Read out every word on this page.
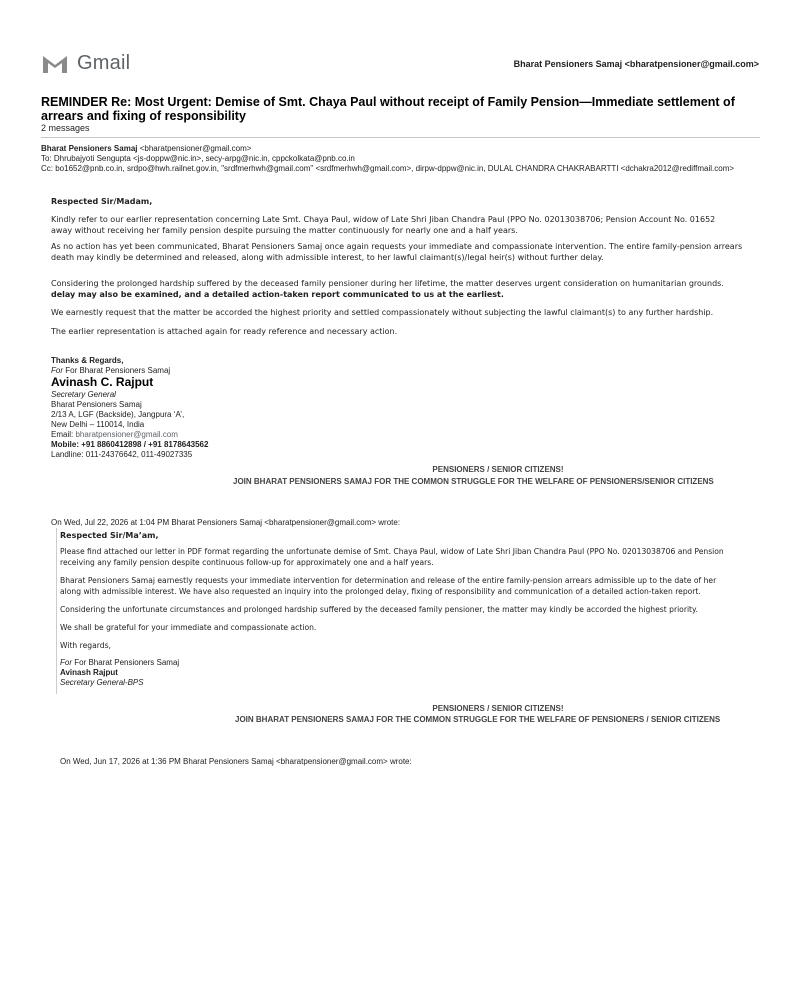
Gmail	Bharat Pensioners Samaj <bharatpensioner@gmail.com>
REMINDER Re: Most Urgent: Demise of Smt. Chaya Paul without receipt of Family Pension—Immediate settlement of arrears and fixing of responsibility
2 messages
Bharat Pensioners Samaj <bharatpensioner@gmail.com>
To: Dhrubajyoti Sengupta <js-doppw@nic.in>, secy-arpg@nic.in, cppckolkata@pnb.co.in
Cc: bo1652@pnb.co.in, srdpo@hwh.railnet.gov.in, "srdfmerhwh@gmail.com" <srdfmerhwh@gmail.com>, dirpw-dppw@nic.in, DULAL CHANDRA CHAKRABARTTI <dchakra2012@rediffmail.com>
Respected Sir/Madam,
Kindly refer to our earlier representation concerning Late Smt. Chaya Paul, widow of Late Shri Jiban Chandra Paul (PPO No. 02013038706; Pension Account No. 01652
away without receiving her family pension despite pursuing the matter continuously for nearly one and a half years.
As no action has yet been communicated, Bharat Pensioners Samaj once again requests your immediate and compassionate intervention. The entire family-pension arrears
death may kindly be determined and released, along with admissible interest, to her lawful claimant(s)/legal heir(s) without further delay.
Considering the prolonged hardship suffered by the deceased family pensioner during her lifetime, the matter deserves urgent consideration on humanitarian grounds.
delay may also be examined, and a detailed action-taken report communicated to us at the earliest.
We earnestly request that the matter be accorded the highest priority and settled compassionately without subjecting the lawful claimant(s) to any further hardship.
The earlier representation is attached again for ready reference and necessary action.
Thanks & Regards,
For For Bharat Pensioners Samaj
Avinash C. Rajput
Secretary General
Bharat Pensioners Samaj
2/13 A, LGF (Backside), Jangpura ‘A’,
New Delhi – 110014, India
Email: bharatpensioner@gmail.com
Mobile: +91 8860412898 / +91 8178643562
Landline: 011-24376642, 011-49027335
PENSIONERS / SENIOR CITIZENS!
JOIN BHARAT PENSIONERS SAMAJ FOR THE COMMON STRUGGLE FOR THE WELFARE OF PENSIONERS/SENIOR CITIZENS
On Wed, Jul 22, 2026 at 1:04 PM Bharat Pensioners Samaj <bharatpensioner@gmail.com> wrote:
Respected Sir/Ma’am,
Please find attached our letter in PDF format regarding the unfortunate demise of Smt. Chaya Paul, widow of Late Shri Jiban Chandra Paul (PPO No. 02013038706 and Pension
receiving any family pension despite continuous follow-up for approximately one and a half years.
Bharat Pensioners Samaj earnestly requests your immediate intervention for determination and release of the entire family-pension arrears admissible up to the date of her
along with admissible interest. We have also requested an inquiry into the prolonged delay, fixing of responsibility and communication of a detailed action-taken report.
Considering the unfortunate circumstances and prolonged hardship suffered by the deceased family pensioner, the matter may kindly be accorded the highest priority.
We shall be grateful for your immediate and compassionate action.
With regards,
For For Bharat Pensioners Samaj
Avinash Rajput
Secretary General-BPS
PENSIONERS / SENIOR CITIZENS!
JOIN BHARAT PENSIONERS SAMAJ FOR THE COMMON STRUGGLE FOR THE WELFARE OF PENSIONERS / SENIOR CITIZENS
On Wed, Jun 17, 2026 at 1:36 PM Bharat Pensioners Samaj <bharatpensioner@gmail.com> wrote:
